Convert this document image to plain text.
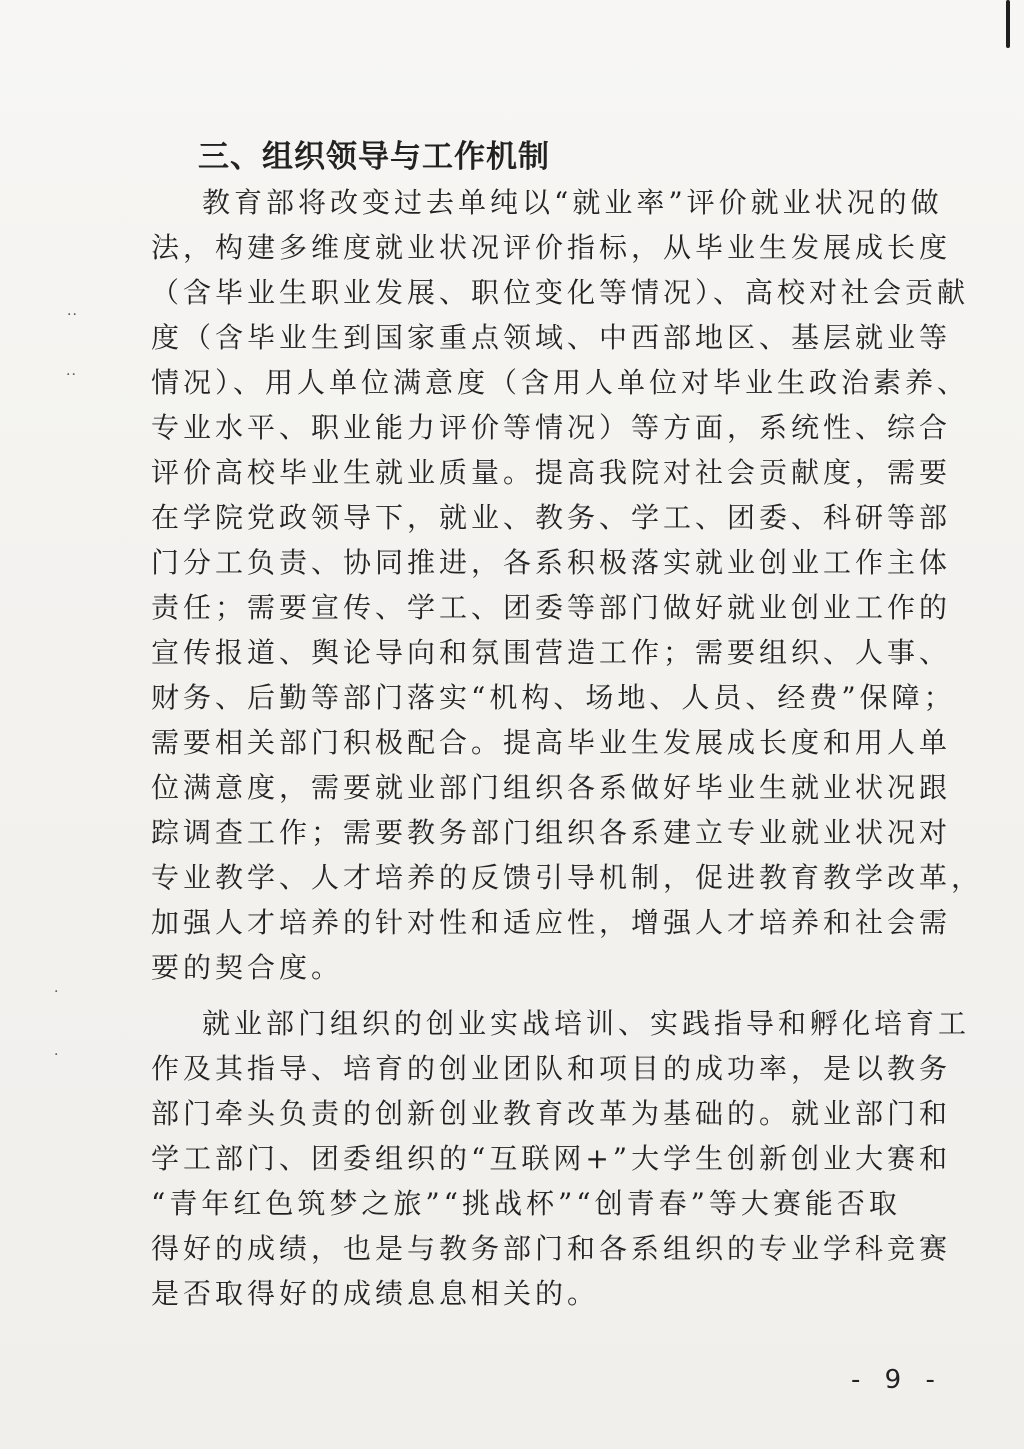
··
··
·
·
三、组织领导与工作机制
教育部将改变过去单纯以“就业率”评价就业状况的做
法，构建多维度就业状况评价指标，从毕业生发展成长度
（含毕业生职业发展、职位变化等情况）、高校对社会贡献
度（含毕业生到国家重点领域、中西部地区、基层就业等
情况）、用人单位满意度（含用人单位对毕业生政治素养、
专业水平、职业能力评价等情况）等方面，系统性、综合
评价高校毕业生就业质量。提高我院对社会贡献度，需要
在学院党政领导下，就业、教务、学工、团委、科研等部
门分工负责、协同推进，各系积极落实就业创业工作主体
责任；需要宣传、学工、团委等部门做好就业创业工作的
宣传报道、舆论导向和氛围营造工作；需要组织、人事、
财务、后勤等部门落实“机构、场地、人员、经费”保障；
需要相关部门积极配合。提高毕业生发展成长度和用人单
位满意度，需要就业部门组织各系做好毕业生就业状况跟
踪调查工作；需要教务部门组织各系建立专业就业状况对
专业教学、人才培养的反馈引导机制，促进教育教学改革，
加强人才培养的针对性和适应性，增强人才培养和社会需
要的契合度。
就业部门组织的创业实战培训、实践指导和孵化培育工
作及其指导、培育的创业团队和项目的成功率，是以教务
部门牵头负责的创新创业教育改革为基础的。就业部门和
学工部门、团委组织的“互联网+”大学生创新创业大赛和
“青年红色筑梦之旅”“挑战杯”“创青春”等大赛能否取
得好的成绩，也是与教务部门和各系组织的专业学科竞赛
是否取得好的成绩息息相关的。
- 9 -
